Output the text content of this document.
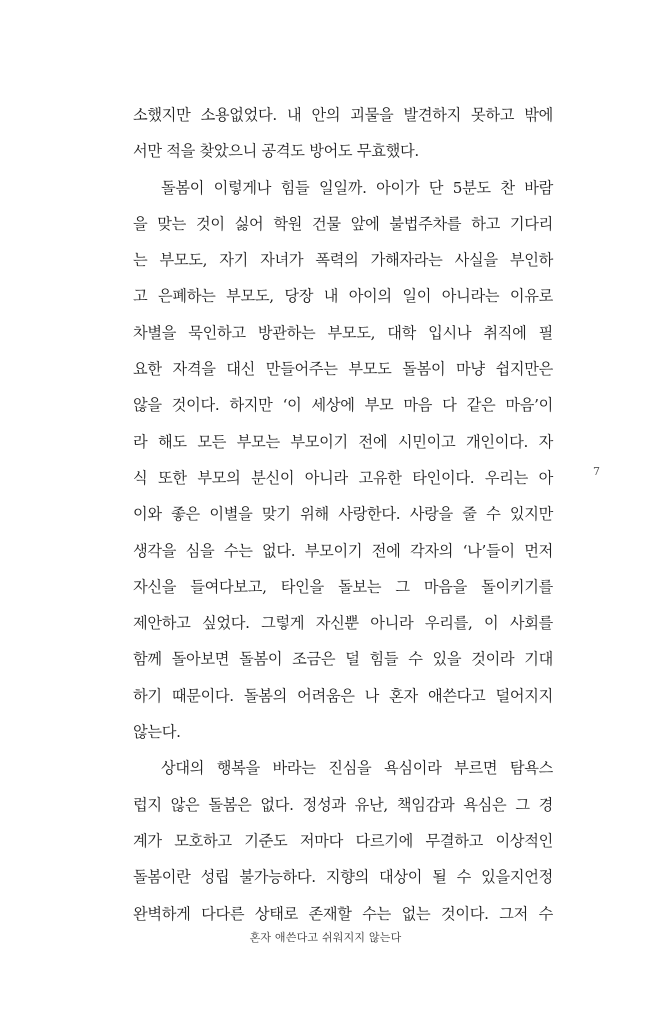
소했지만 소용없었다. 내 안의 괴물을 발견하지 못하고 밖에
서만 적을 찾았으니 공격도 방어도 무효했다.
돌봄이 이렇게나 힘들 일일까. 아이가 단 5분도 찬 바람
을 맞는 것이 싫어 학원 건물 앞에 불법주차를 하고 기다리
는 부모도, 자기 자녀가 폭력의 가해자라는 사실을 부인하
고 은폐하는 부모도, 당장 내 아이의 일이 아니라는 이유로
차별을 묵인하고 방관하는 부모도, 대학 입시나 취직에 필
요한 자격을 대신 만들어주는 부모도 돌봄이 마냥 쉽지만은
않을 것이다. 하지만 ‘이 세상에 부모 마음 다 같은 마음’이
라 해도 모든 부모는 부모이기 전에 시민이고 개인이다. 자
식 또한 부모의 분신이 아니라 고유한 타인이다. 우리는 아
이와 좋은 이별을 맞기 위해 사랑한다. 사랑을 줄 수 있지만
생각을 심을 수는 없다. 부모이기 전에 각자의 ‘나’들이 먼저
자신을 들여다보고, 타인을 돌보는 그 마음을 돌이키기를
제안하고 싶었다. 그렇게 자신뿐 아니라 우리를, 이 사회를
함께 돌아보면 돌봄이 조금은 덜 힘들 수 있을 것이라 기대
하기 때문이다. 돌봄의 어려움은 나 혼자 애쓴다고 덜어지지
않는다.
상대의 행복을 바라는 진심을 욕심이라 부르면 탐욕스
럽지 않은 돌봄은 없다. 정성과 유난, 책임감과 욕심은 그 경
계가 모호하고 기준도 저마다 다르기에 무결하고 이상적인
돌봄이란 성립 불가능하다. 지향의 대상이 될 수 있을지언정
완벽하게 다다른 상태로 존재할 수는 없는 것이다. 그저 수
7
혼자 애쓴다고 쉬워지지 않는다
